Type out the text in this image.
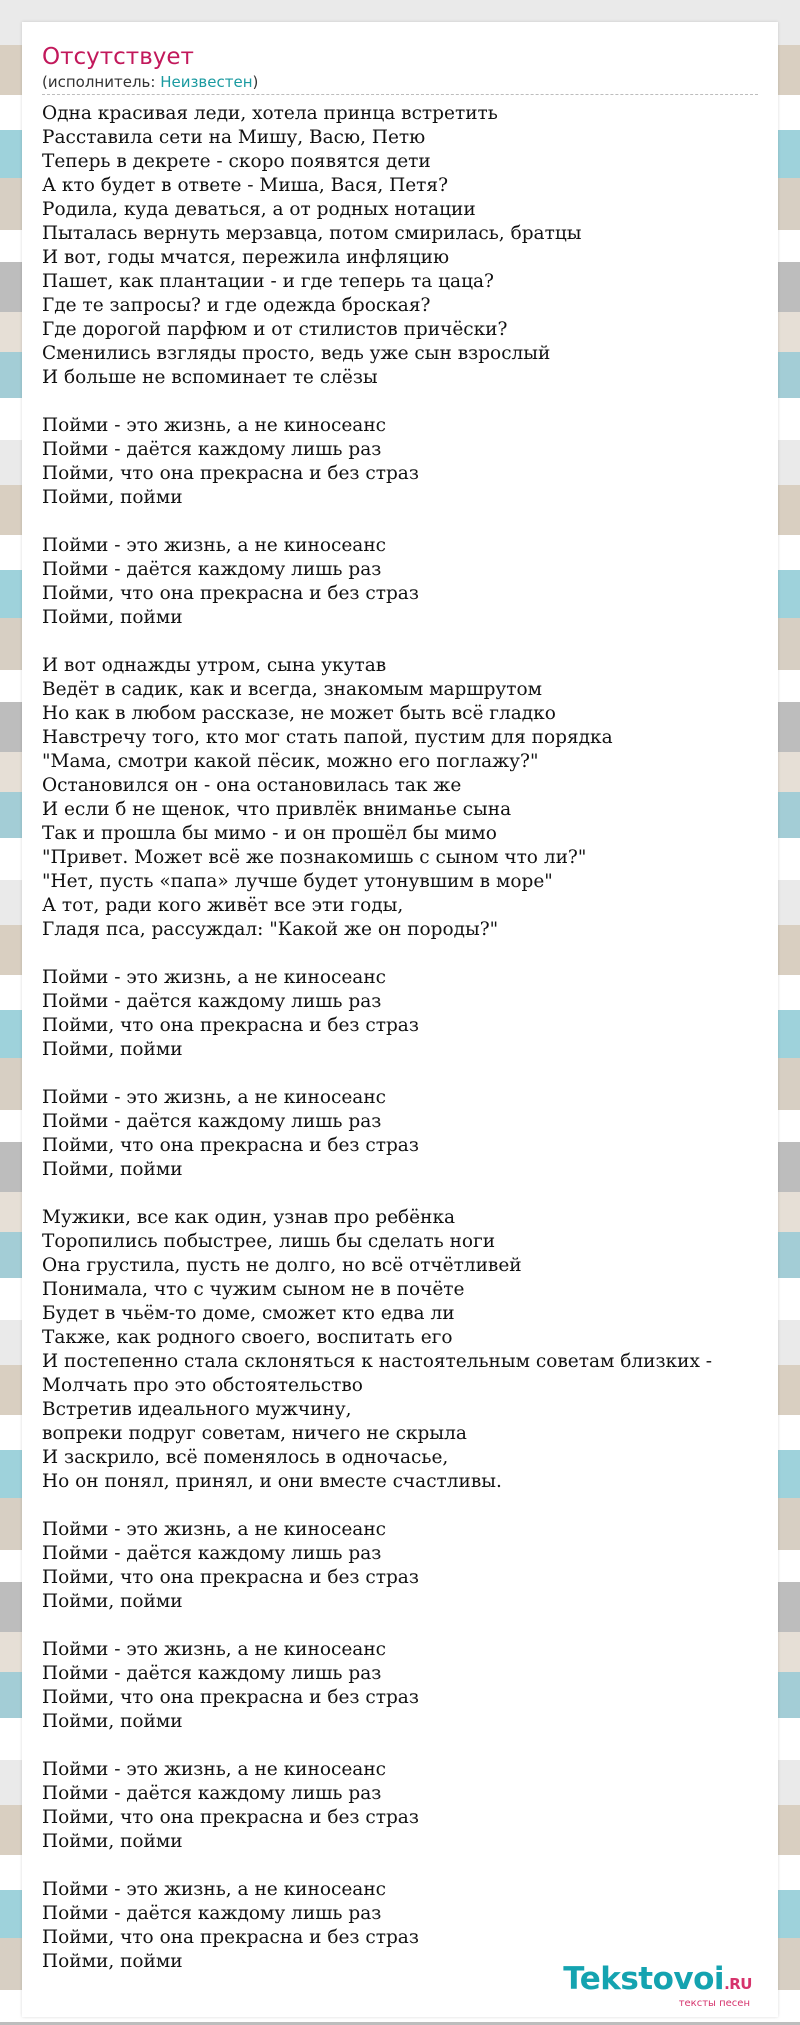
Отсутствует
(исполнитель: Неизвестен)
Одна красивая леди, хотела принца встретить
Расставила сети на Мишу, Васю, Петю
Теперь в декрете - скоро появятся дети
А кто будет в ответе - Миша, Вася, Петя?
Родила, куда деваться, а от родных нотации
Пыталась вернуть мерзавца, потом смирилась, братцы
И вот, годы мчатся, пережила инфляцию
Пашет, как плантации - и где теперь та цаца?
Где те запросы? и где одежда броская?
Где дорогой парфюм и от стилистов причёски?
Сменились взгляды просто, ведь уже сын взрослый
И больше не вспоминает те слёзы
Пойми - это жизнь, а не киносеанс
Пойми - даётся каждому лишь раз
Пойми, что она прекрасна и без страз
Пойми, пойми
Пойми - это жизнь, а не киносеанс
Пойми - даётся каждому лишь раз
Пойми, что она прекрасна и без страз
Пойми, пойми
И вот однажды утром, сына укутав
Ведёт в садик, как и всегда, знакомым маршрутом
Но как в любом рассказе, не может быть всё гладко
Навстречу того, кто мог стать папой, пустим для порядка
"Мама, смотри какой пёсик, можно его поглажу?"
Остановился он - она остановилась так же
И если б не щенок, что привлёк вниманье сына
Так и прошла бы мимо - и он прошёл бы мимо
"Привет. Может всё же познакомишь с сыном что ли?"
"Нет, пусть «папа» лучше будет утонувшим в море"
А тот, ради кого живёт все эти годы,
Гладя пса, рассуждал: "Какой же он породы?"
Пойми - это жизнь, а не киносеанс
Пойми - даётся каждому лишь раз
Пойми, что она прекрасна и без страз
Пойми, пойми
Пойми - это жизнь, а не киносеанс
Пойми - даётся каждому лишь раз
Пойми, что она прекрасна и без страз
Пойми, пойми
Мужики, все как один, узнав про ребёнка
Торопились побыстрее, лишь бы сделать ноги
Она грустила, пусть не долго, но всё отчётливей
Понимала, что с чужим сыном не в почёте
Будет в чьём-то доме, сможет кто едва ли
Также, как родного своего, воспитать его
И постепенно стала склоняться к настоятельным советам близких -
Молчать про это обстоятельство
Встретив идеального мужчину,
вопреки подруг советам, ничего не скрыла
И заскрило, всё поменялось в одночасье,
Но он понял, принял, и они вместе счастливы.
Пойми - это жизнь, а не киносеанс
Пойми - даётся каждому лишь раз
Пойми, что она прекрасна и без страз
Пойми, пойми
Пойми - это жизнь, а не киносеанс
Пойми - даётся каждому лишь раз
Пойми, что она прекрасна и без страз
Пойми, пойми
Пойми - это жизнь, а не киносеанс
Пойми - даётся каждому лишь раз
Пойми, что она прекрасна и без страз
Пойми, пойми
Пойми - это жизнь, а не киносеанс
Пойми - даётся каждому лишь раз
Пойми, что она прекрасна и без страз
Пойми, пойми	Tekstovoi.RU
тексты песен
